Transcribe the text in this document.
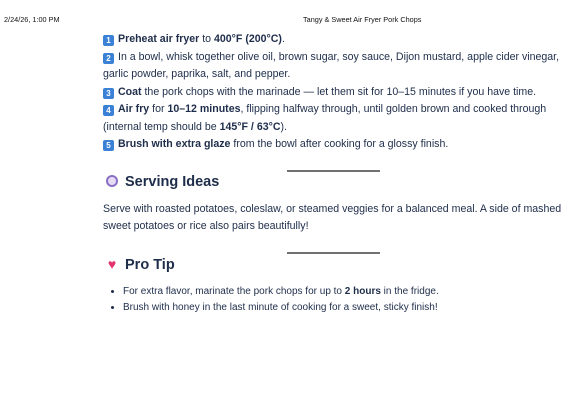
2/24/26, 1:00 PM	Tangy & Sweet Air Fryer Pork Chops

1 Preheat air fryer to 400°F (200°C).

2 In a bowl, whisk together olive oil, brown sugar, soy sauce, Dijon mustard, apple cider vinegar, garlic powder, paprika, salt, and pepper.

3 Coat the pork chops with the marinade — let them sit for 10–15 minutes if you have time.

4 Air fry for 10–12 minutes, flipping halfway through, until golden brown and cooked through (internal temp should be 145°F / 63°C).

5 Brush with extra glaze from the bowl after cooking for a glossy finish.

Serving Ideas

Serve with roasted potatoes, coleslaw, or steamed veggies for a balanced meal. A side of mashed sweet potatoes or rice also pairs beautifully!

♥ Pro Tip
• For extra flavor, marinate the pork chops for up to 2 hours in the fridge.
• Brush with honey in the last minute of cooking for a sweet, sticky finish!
